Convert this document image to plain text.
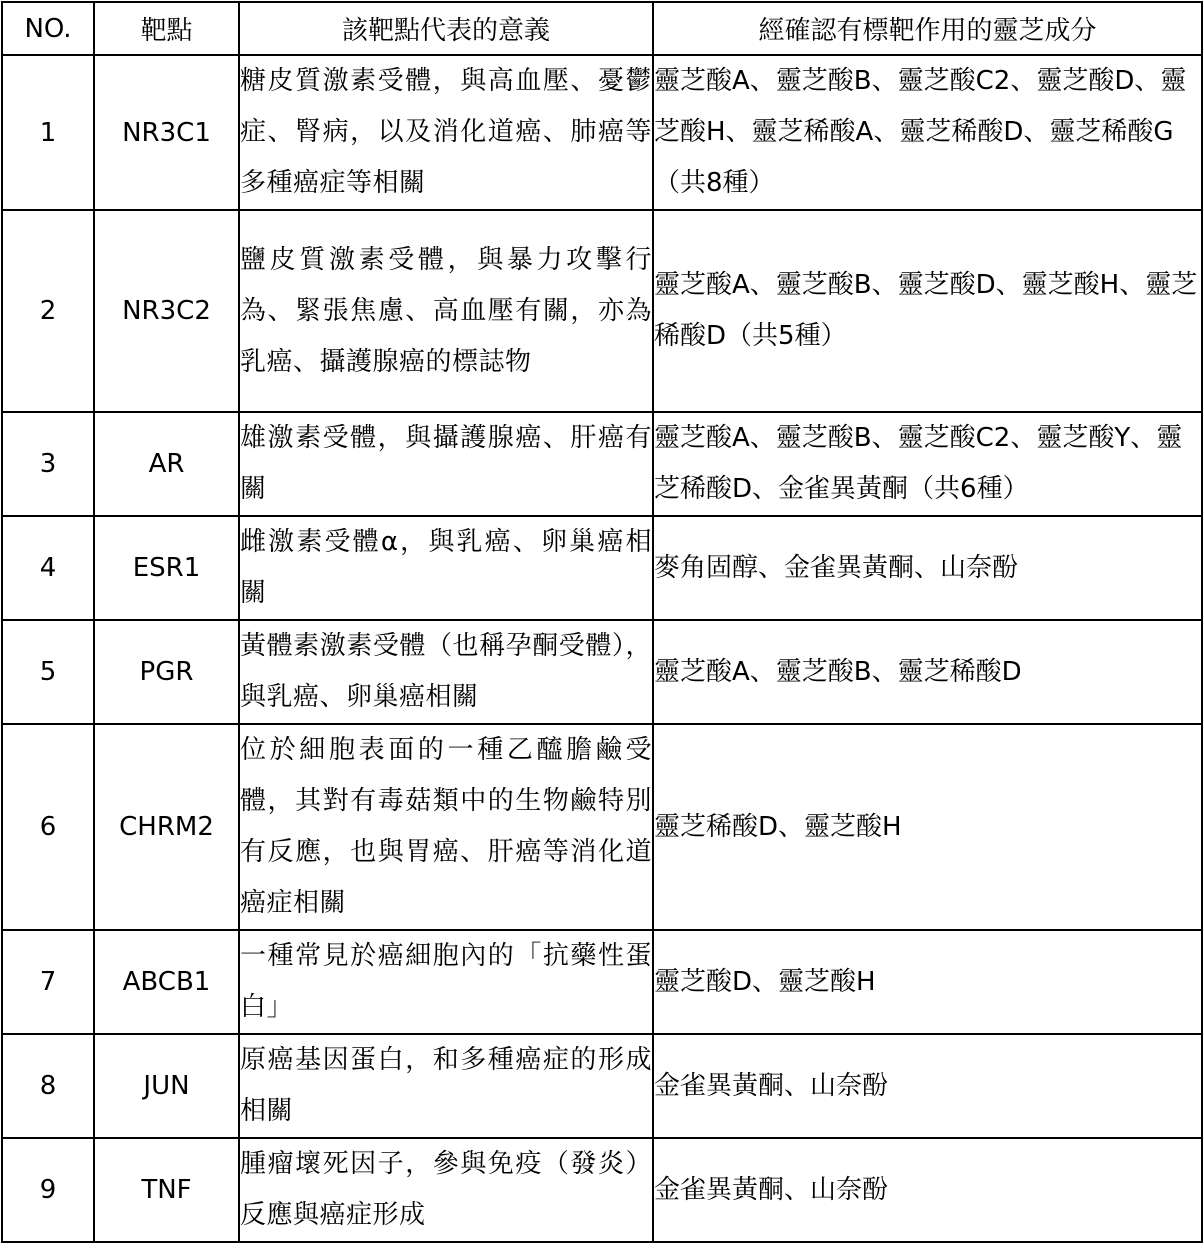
NO.	靶點	該靶點代表的意義	經確認有標靶作用的靈芝成分
1	NR3C1	糖皮質激素受體，與高血壓、憂鬱症、腎病，以及消化道癌、肺癌等多種癌症等相關	靈芝酸A、靈芝酸B、靈芝酸C2、靈芝酸D、靈芝酸H、靈芝稀酸A、靈芝稀酸D、靈芝稀酸G（共8種）
2	NR3C2	鹽皮質激素受體，與暴力攻擊行為、緊張焦慮、高血壓有關，亦為乳癌、攝護腺癌的標誌物	靈芝酸A、靈芝酸B、靈芝酸D、靈芝酸H、靈芝稀酸D（共5種）
3	AR	雄激素受體，與攝護腺癌、肝癌有關	靈芝酸A、靈芝酸B、靈芝酸C2、靈芝酸Y、靈芝稀酸D、金雀異黃酮（共6種）
4	ESR1	雌激素受體α，與乳癌、卵巢癌相關	麥角固醇、金雀異黃酮、山奈酚
5	PGR	黃體素激素受體（也稱孕酮受體），與乳癌、卵巢癌相關	靈芝酸A、靈芝酸B、靈芝稀酸D
6	CHRM2	位於細胞表面的一種乙醯膽鹼受體，其對有毒菇類中的生物鹼特別有反應，也與胃癌、肝癌等消化道癌症相關	靈芝稀酸D、靈芝酸H
7	ABCB1	一種常見於癌細胞內的「抗藥性蛋白」	靈芝酸D、靈芝酸H
8	JUN	原癌基因蛋白，和多種癌症的形成相關	金雀異黃酮、山奈酚
9	TNF	腫瘤壞死因子，參與免疫（發炎）反應與癌症形成	金雀異黃酮、山奈酚
